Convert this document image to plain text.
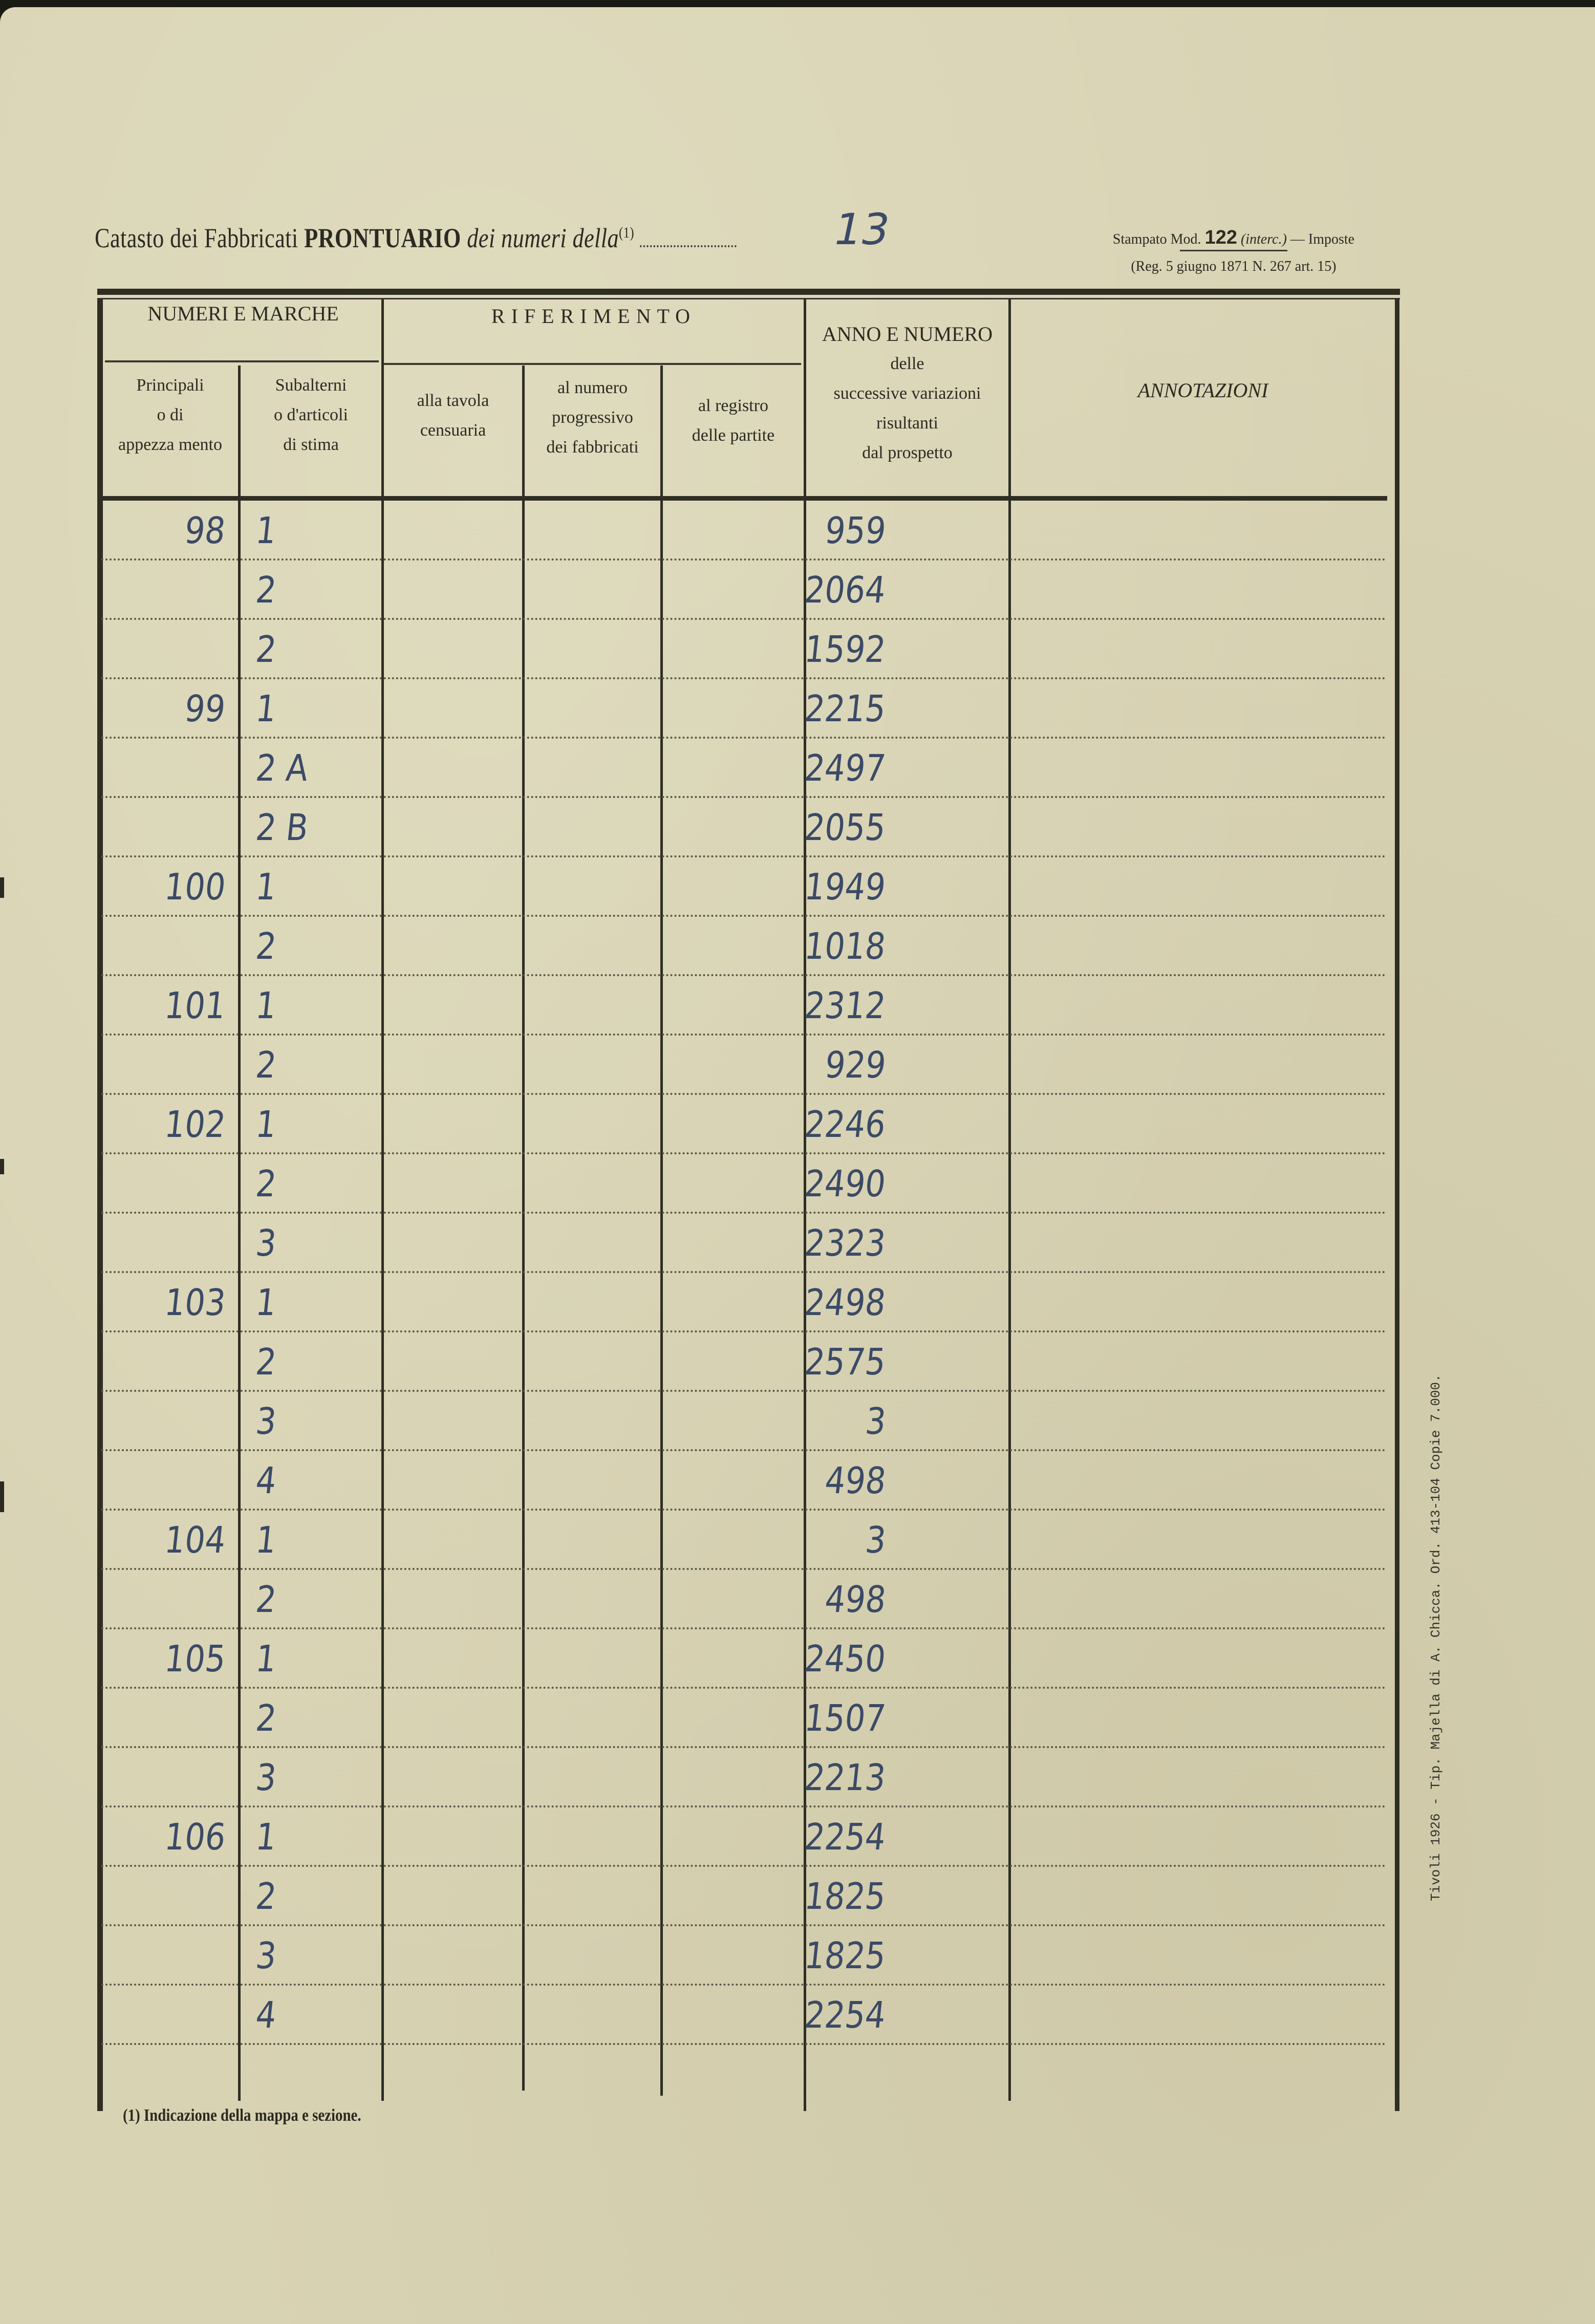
Catasto dei Fabbricati PRONTUARIO dei numeri della$^{(1)}$	13	Stampato Mod. 122 (interc.) — Imposte
(Reg. 5 giugno 1871 N. 267 art. 15)
NUMERI E MARCHE	RIFERIMENTO
Principali
o di
appezza mento
Subalterni
o d'articoli
di stima
alla tavola
censuaria
al numero
progressivo
dei fabbricati
al registro
delle partite
ANNO E NUMERO
delle
successive variazioni
risultanti
dal prospetto
ANNOTAZIONI
98 1	959
2	2064
2	1592
99 1	2215
2 A	2497
2 B	2055
100 1	1949
2	1018
101 1	2312
2	929
102 1	2246
2	2490
3	2323
103 1	2498
2	2575
3	3
4	498
104 1	3
2	498
105 1	2450
2	1507
3	2213
106 1	2254
2	1825
3	1825
4	2254
(1) Indicazione della mappa e sezione.
Tivoli 1926 - Tip. Majella di A. Chicca. Ord. 413-104 Copie 7.000.
